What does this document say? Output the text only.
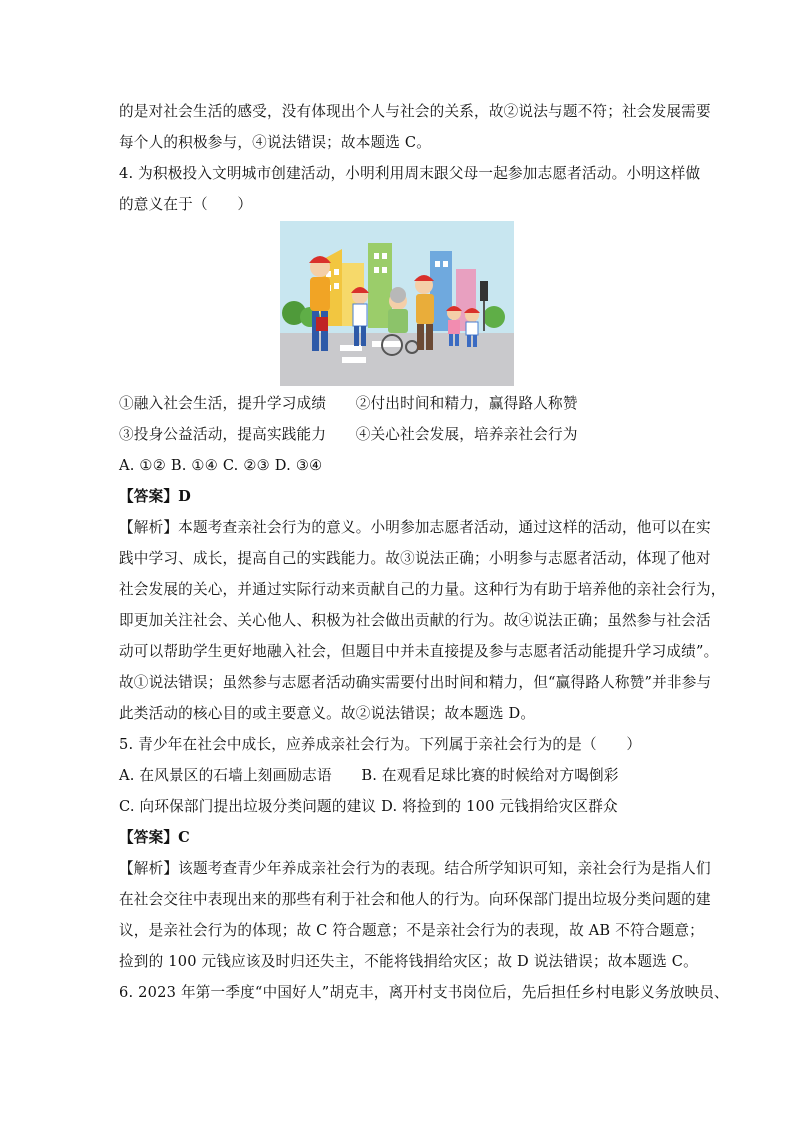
的是对社会生活的感受，没有体现出个人与社会的关系，故②说法与题不符；社会发展需要
每个人的积极参与，④说法错误；故本题选 C。
4. 为积极投入文明城市创建活动，小明利用周末跟父母一起参加志愿者活动。小明这样做
的意义在于（　　）
①融入社会生活，提升学习成绩　　②付出时间和精力，赢得路人称赞
③投身公益活动，提高实践能力　　④关心社会发展，培养亲社会行为
A. ①② B. ①④ C. ②③ D. ③④
【答案】D
【解析】本题考查亲社会行为的意义。小明参加志愿者活动，通过这样的活动，他可以在实
践中学习、成长，提高自己的实践能力。故③说法正确；小明参与志愿者活动，体现了他对
社会发展的关心，并通过实际行动来贡献自己的力量。这种行为有助于培养他的亲社会行为，
即更加关注社会、关心他人、积极为社会做出贡献的行为。故④说法正确；虽然参与社会活
动可以帮助学生更好地融入社会，但题目中并未直接提及参与志愿者活动能提升学习成绩”。
故①说法错误；虽然参与志愿者活动确实需要付出时间和精力，但“赢得路人称赞”并非参与
此类活动的核心目的或主要意义。故②说法错误；故本题选 D。
5. 青少年在社会中成长，应养成亲社会行为。下列属于亲社会行为的是（　　）
A. 在风景区的石墙上刻画励志语　　B. 在观看足球比赛的时候给对方喝倒彩
C. 向环保部门提出垃圾分类问题的建议 D. 将捡到的 100 元钱捐给灾区群众
【答案】C
【解析】该题考查青少年养成亲社会行为的表现。结合所学知识可知，亲社会行为是指人们
在社会交往中表现出来的那些有利于社会和他人的行为。向环保部门提出垃圾分类问题的建
议，是亲社会行为的体现；故 C 符合题意；不是亲社会行为的表现，故 AB 不符合题意；
捡到的 100 元钱应该及时归还失主，不能将钱捐给灾区；故 D 说法错误；故本题选 C。
6. 2023 年第一季度“中国好人”胡克丰，离开村支书岗位后，先后担任乡村电影义务放映员、
